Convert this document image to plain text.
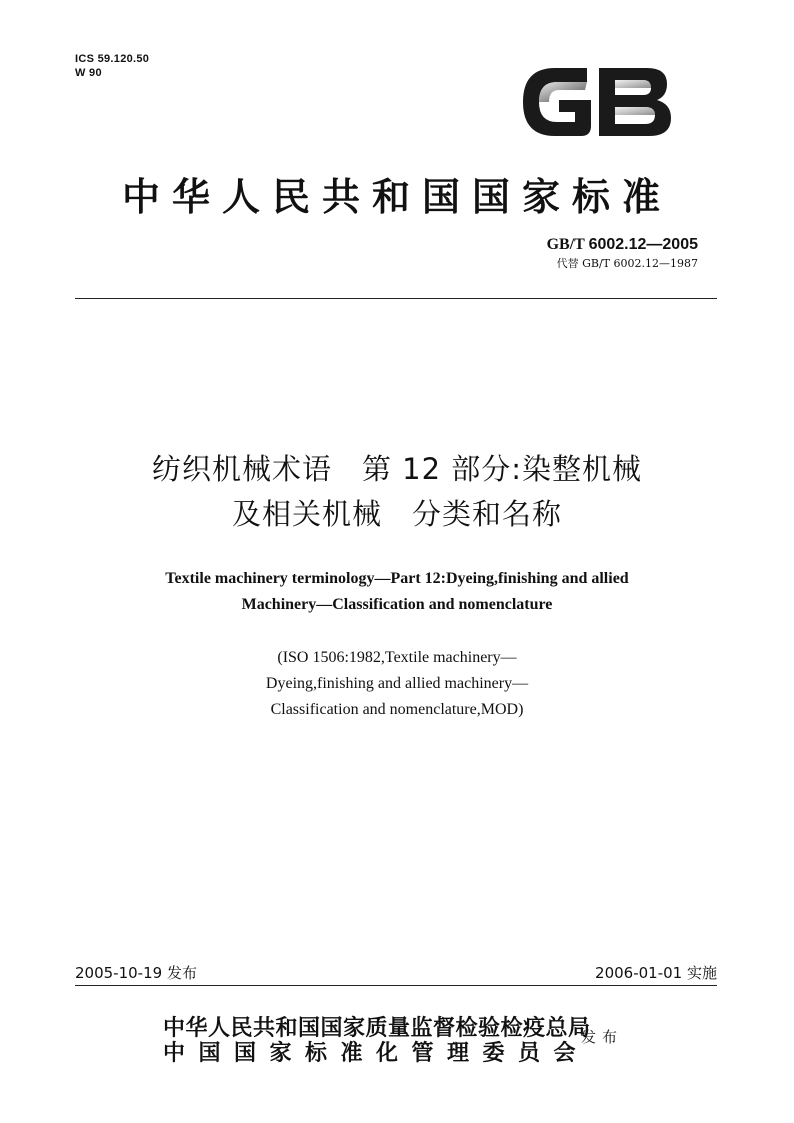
ICS 59.120.50
W 90
中华人民共和国国家标准
GB/T 6002.12—2005
代替 GB/T 6002.12—1987
纺织机械术语　第 12 部分:染整机械
及相关机械　分类和名称
Textile machinery terminology—Part 12:Dyeing,finishing and allied
Machinery—Classification and nomenclature
(ISO 1506:1982,Textile machinery—
Dyeing,finishing and allied machinery—
Classification and nomenclature,MOD)
2005-10-19 发布	2006-01-01 实施
中华人民共和国国家质量监督检验检疫总局
中国国家标准化管理委员会
发布
